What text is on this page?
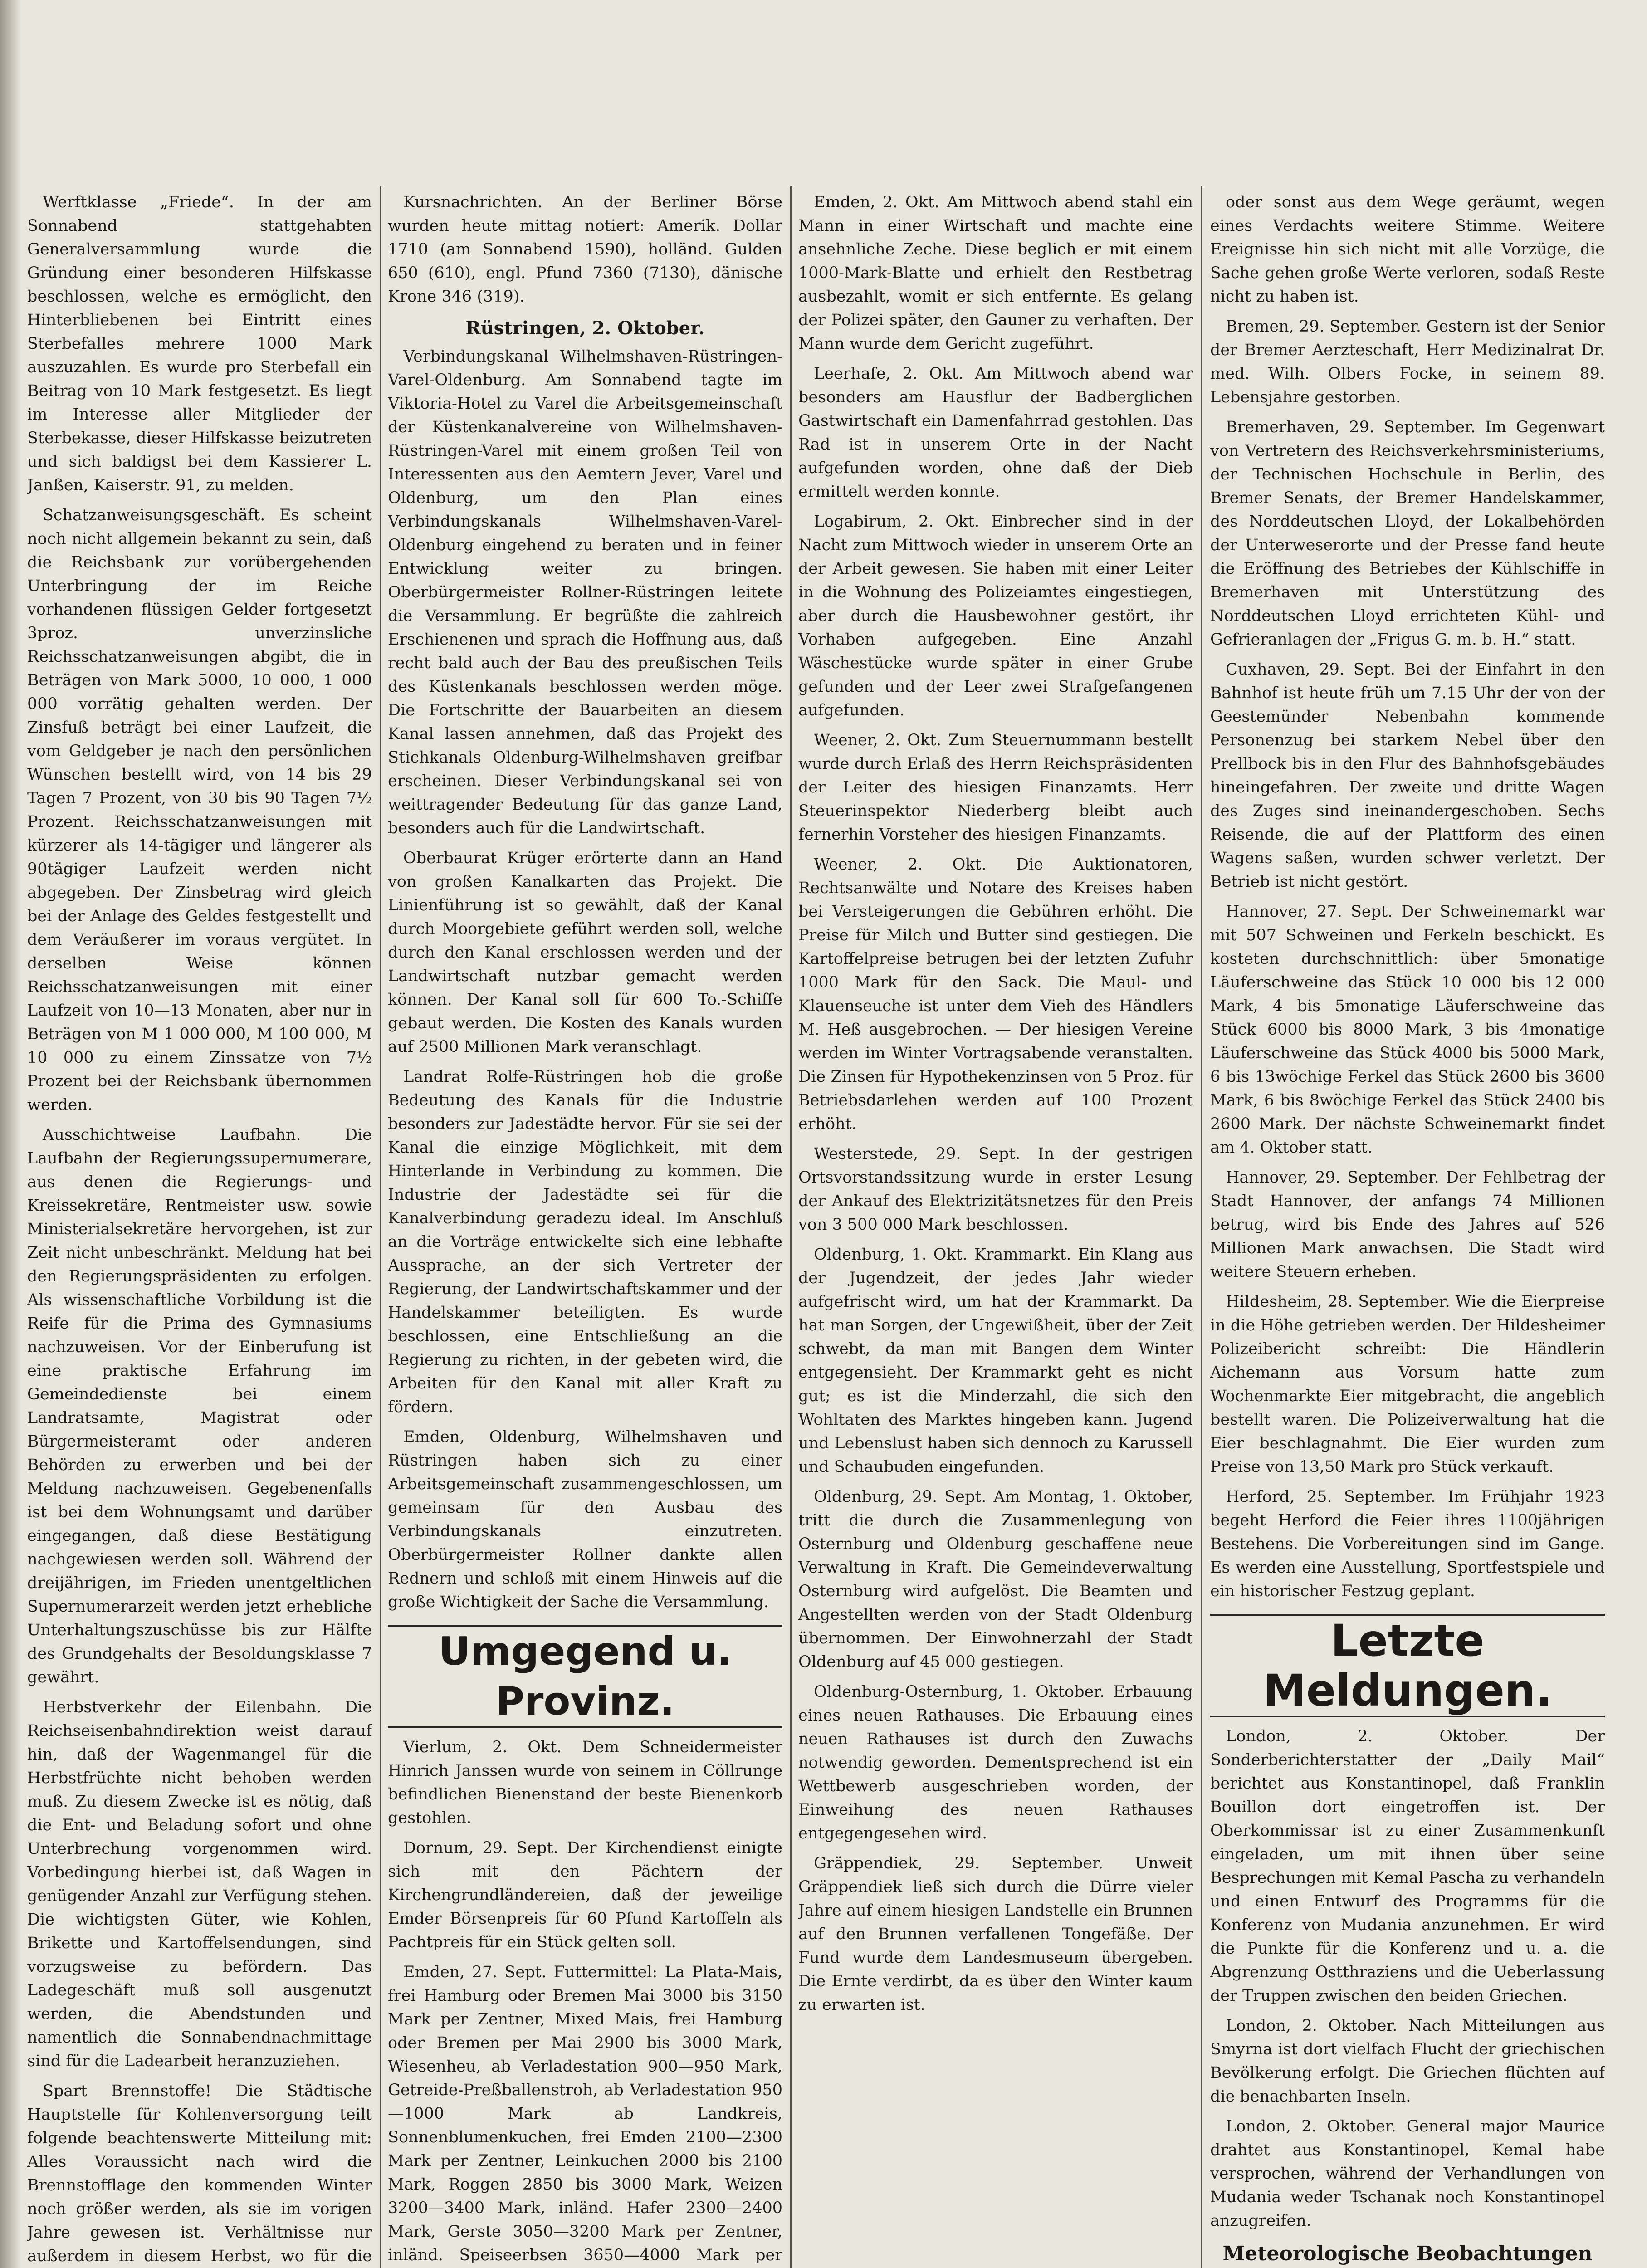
Werftklasse „Friede“. In der am Sonnabend stattgehabten Generalversammlung wurde die Gründung einer besonderen Hilfskasse beschlossen, welche es ermöglicht, den Hinterbliebenen bei Eintritt eines Sterbefalles mehrere 1000 Mark auszuzahlen. Es wurde pro Sterbefall ein Beitrag von 10 Mark festgesetzt. Es liegt im Interesse aller Mitglieder der Sterbekasse, dieser Hilfskasse beizutreten und sich baldigst bei dem Kassierer L. Janßen, Kaiserstr. 91, zu melden.

Schatzanweisungsgeschäft. Es scheint noch nicht allgemein bekannt zu sein, daß die Reichsbank zur vorübergehenden Unterbringung der im Reiche vorhandenen flüssigen Gelder fortgesetzt 3proz. unverzinsliche Reichsschatzanweisungen abgibt, die in Beträgen von Mark 5000, 10 000, 1 000 000 vorrätig gehalten werden. Der Zinsfuß beträgt bei einer Laufzeit, die vom Geldgeber je nach den persönlichen Wünschen bestellt wird, von 14 bis 29 Tagen 7 Prozent, von 30 bis 90 Tagen 7½ Prozent. Reichsschatzanweisungen mit kürzerer als 14-tägiger und längerer als 90tägiger Laufzeit werden nicht abgegeben. Der Zinsbetrag wird gleich bei der Anlage des Geldes festgestellt und dem Veräußerer im voraus vergütet. In derselben Weise können Reichsschatzanweisungen mit einer Laufzeit von 10—13 Monaten, aber nur in Beträgen von M 1 000 000, M 100 000, M 10 000 zu einem Zinssatze von 7½ Prozent bei der Reichsbank übernommen werden.

Ausschichtweise Laufbahn. Die Laufbahn der Regierungssupernumerare, aus denen die Regierungs- und Kreissekretäre, Rentmeister usw. sowie Ministerialsekretäre hervorgehen, ist zur Zeit nicht unbeschränkt. Meldung hat bei den Regierungspräsidenten zu erfolgen. Als wissenschaftliche Vorbildung ist die Reife für die Prima des Gymnasiums nachzuweisen. Vor der Einberufung ist eine praktische Erfahrung im Gemeindedienste bei einem Landratsamte, Magistrat oder Bürgermeisteramt oder anderen Behörden zu erwerben und bei der Meldung nachzuweisen. Gegebenenfalls ist bei dem Wohnungsamt und darüber eingegangen, daß diese Bestätigung nachgewiesen werden soll. Während der dreijährigen, im Frieden unentgeltlichen Supernumerarzeit werden jetzt erhebliche Unterhaltungszuschüsse bis zur Hälfte des Grundgehalts der Besoldungsklasse 7 gewährt.

Herbstverkehr der Eilenbahn. Die Reichseisenbahndirektion weist darauf hin, daß der Wagenmangel für die Herbstfrüchte nicht behoben werden muß. Zu diesem Zwecke ist es nötig, daß die Ent- und Beladung sofort und ohne Unterbrechung vorgenommen wird. Vorbedingung hierbei ist, daß Wagen in genügender Anzahl zur Verfügung stehen. Die wichtigsten Güter, wie Kohlen, Brikette und Kartoffelsendungen, sind vorzugsweise zu befördern. Das Ladegeschäft muß soll ausgenutzt werden, die Abendstunden und namentlich die Sonnabendnachmittage sind für die Ladearbeit heranzuziehen.

Spart Brennstoffe! Die Städtische Hauptstelle für Kohlenversorgung teilt folgende beachtenswerte Mitteilung mit: Alles Voraussicht nach wird die Brennstofflage den kommenden Winter noch größer werden, als sie im vorigen Jahre gewesen ist. Verhältnisse nur außerdem in diesem Herbst, wo für die

Kursnachrichten. An der Berliner Börse wurden heute mittag notiert: Amerik. Dollar 1710 (am Sonnabend 1590), holländ. Gulden 650 (610), engl. Pfund 7360 (7130), dänische Krone 346 (319).

Rüstringen, 2. Oktober.

Verbindungskanal Wilhelmshaven-Rüstringen-Varel-Oldenburg. Am Sonnabend tagte im Viktoria-Hotel zu Varel die Arbeitsgemeinschaft der Küstenkanalvereine von Wilhelmshaven-Rüstringen-Varel mit einem großen Teil von Interessenten aus den Aemtern Jever, Varel und Oldenburg, um den Plan eines Verbindungskanals Wilhelmshaven-Varel-Oldenburg eingehend zu beraten und in feiner Entwicklung weiter zu bringen. Oberbürgermeister Rollner-Rüstringen leitete die Versammlung. Er begrüßte die zahlreich Erschienenen und sprach die Hoffnung aus, daß recht bald auch der Bau des preußischen Teils des Küstenkanals beschlossen werden möge. Die Fortschritte der Bauarbeiten an diesem Kanal lassen annehmen, daß das Projekt des Stichkanals Oldenburg-Wilhelmshaven greifbar erscheinen. Dieser Verbindungskanal sei von weittragender Bedeutung für das ganze Land, besonders auch für die Landwirtschaft.

Oberbaurat Krüger erörterte dann an Hand von großen Kanalkarten das Projekt. Die Linienführung ist so gewählt, daß der Kanal durch Moorgebiete geführt werden soll, welche durch den Kanal erschlossen werden und der Landwirtschaft nutzbar gemacht werden können. Der Kanal soll für 600 To.-Schiffe gebaut werden. Die Kosten des Kanals wurden auf 2500 Millionen Mark veranschlagt.

Landrat Rolfe-Rüstringen hob die große Bedeutung des Kanals für die Industrie besonders zur Jadestädte hervor. Für sie sei der Kanal die einzige Möglichkeit, mit dem Hinterlande in Verbindung zu kommen. Die Industrie der Jadestädte sei für die Kanalverbindung geradezu ideal. Im Anschluß an die Vorträge entwickelte sich eine lebhafte Aussprache, an der sich Vertreter der Regierung, der Landwirtschaftskammer und der Handelskammer beteiligten. Es wurde beschlossen, eine Entschließung an die Regierung zu richten, in der gebeten wird, die Arbeiten für den Kanal mit aller Kraft zu fördern.

Emden, Oldenburg, Wilhelmshaven und Rüstringen haben sich zu einer Arbeitsgemeinschaft zusammengeschlossen, um gemeinsam für den Ausbau des Verbindungskanals einzutreten. Oberbürgermeister Rollner dankte allen Rednern und schloß mit einem Hinweis auf die große Wichtigkeit der Sache die Versammlung.

Umgegend u. Provinz.

Vierlum, 2. Okt. Dem Schneidermeister Hinrich Janssen wurde von seinem in Cöllrunge befindlichen Bienenstand der beste Bienenkorb gestohlen.

Dornum, 29. Sept. Der Kirchendienst einigte sich mit den Pächtern der Kirchengrundländereien, daß der jeweilige Emder Börsenpreis für 60 Pfund Kartoffeln als Pachtpreis für ein Stück gelten soll.

Emden, 27. Sept. Futtermittel: La Plata-Mais, frei Hamburg oder Bremen Mai 3000 bis 3150 Mark per Zentner, Mixed Mais, frei Hamburg oder Bremen per Mai 2900 bis 3000 Mark, Wiesenheu, ab Verladestation 900—950 Mark, Getreide-Preßballenstroh, ab Verladestation 950—1000 Mark ab Landkreis, Sonnenblumenkuchen, frei Emden 2100—2300 Mark per Zentner, Leinkuchen 2000 bis 2100 Mark, Roggen 2850 bis 3000 Mark, Weizen 3200—3400 Mark, inländ. Hafer 2300—2400 Mark, Gerste 3050—3200 Mark per Zentner, inländ. Speiseerbsen 3650—4000 Mark per

Emden, 2. Okt. Am Mittwoch abend stahl ein Mann in einer Wirtschaft und machte eine ansehnliche Zeche. Diese beglich er mit einem 1000-Mark-Blatte und erhielt den Restbetrag ausbezahlt, womit er sich entfernte. Es gelang der Polizei später, den Gauner zu verhaften. Der Mann wurde dem Gericht zugeführt.

Leerhafe, 2. Okt. Am Mittwoch abend war besonders am Hausflur der Badberglichen Gastwirtschaft ein Damenfahrrad gestohlen. Das Rad ist in unserem Orte in der Nacht aufgefunden worden, ohne daß der Dieb ermittelt werden konnte.

Logabirum, 2. Okt. Einbrecher sind in der Nacht zum Mittwoch wieder in unserem Orte an der Arbeit gewesen. Sie haben mit einer Leiter in die Wohnung des Polizeiamtes eingestiegen, aber durch die Hausbewohner gestört, ihr Vorhaben aufgegeben. Eine Anzahl Wäschestücke wurde später in einer Grube gefunden und der Leer zwei Strafgefangenen aufgefunden.

Weener, 2. Okt. Zum Steuernummann bestellt wurde durch Erlaß des Herrn Reichspräsidenten der Leiter des hiesigen Finanzamts. Herr Steuerinspektor Niederberg bleibt auch fernerhin Vorsteher des hiesigen Finanzamts.

Weener, 2. Okt. Die Auktionatoren, Rechtsanwälte und Notare des Kreises haben bei Versteigerungen die Gebühren erhöht. Die Preise für Milch und Butter sind gestiegen. Die Kartoffelpreise betrugen bei der letzten Zufuhr 1000 Mark für den Sack. Die Maul- und Klauenseuche ist unter dem Vieh des Händlers M. Heß ausgebrochen. — Der hiesigen Vereine werden im Winter Vortragsabende veranstalten. Die Zinsen für Hypothekenzinsen von 5 Proz. für Betriebsdarlehen werden auf 100 Prozent erhöht.

Westerstede, 29. Sept. In der gestrigen Ortsvorstandssitzung wurde in erster Lesung der Ankauf des Elektrizitätsnetzes für den Preis von 3 500 000 Mark beschlossen.

Oldenburg, 1. Okt. Krammarkt. Ein Klang aus der Jugendzeit, der jedes Jahr wieder aufgefrischt wird, um hat der Krammarkt. Da hat man Sorgen, der Ungewißheit, über der Zeit schwebt, da man mit Bangen dem Winter entgegensieht. Der Krammarkt geht es nicht gut; es ist die Minderzahl, die sich den Wohltaten des Marktes hingeben kann. Jugend und Lebenslust haben sich dennoch zu Karussell und Schaubuden eingefunden.

Oldenburg, 29. Sept. Am Montag, 1. Oktober, tritt die durch die Zusammenlegung von Osternburg und Oldenburg geschaffene neue Verwaltung in Kraft. Die Gemeindeverwaltung Osternburg wird aufgelöst. Die Beamten und Angestellten werden von der Stadt Oldenburg übernommen. Der Einwohnerzahl der Stadt Oldenburg auf 45 000 gestiegen.

Oldenburg-Osternburg, 1. Oktober. Erbauung eines neuen Rathauses. Die Erbauung eines neuen Rathauses ist durch den Zuwachs notwendig geworden. Dementsprechend ist ein Wettbewerb ausgeschrieben worden, der Einweihung des neuen Rathauses entgegengesehen wird.

Gräppendiek, 29. September. Unweit Gräppendiek ließ sich durch die Dürre vieler Jahre auf einem hiesigen Landstelle ein Brunnen auf den Brunnen verfallenen Tongefäße. Der Fund wurde dem Landesmuseum übergeben. Die Ernte verdirbt, da es über den Winter kaum zu erwarten ist.

oder sonst aus dem Wege geräumt, wegen eines Verdachts weitere Stimme. Weitere Ereignisse hin sich nicht mit alle Vorzüge, die Sache gehen große Werte verloren, sodaß Reste nicht zu haben ist.

Bremen, 29. September. Gestern ist der Senior der Bremer Aerzteschaft, Herr Medizinalrat Dr. med. Wilh. Olbers Focke, in seinem 89. Lebensjahre gestorben.

Bremerhaven, 29. September. Im Gegenwart von Vertretern des Reichsverkehrsministeriums, der Technischen Hochschule in Berlin, des Bremer Senats, der Bremer Handelskammer, des Norddeutschen Lloyd, der Lokalbehörden der Unterweserorte und der Presse fand heute die Eröffnung des Betriebes der Kühlschiffe in Bremerhaven mit Unterstützung des Norddeutschen Lloyd errichteten Kühl- und Gefrieranlagen der „Frigus G. m. b. H.“ statt.

Cuxhaven, 29. Sept. Bei der Einfahrt in den Bahnhof ist heute früh um 7.15 Uhr der von der Geestemünder Nebenbahn kommende Personenzug bei starkem Nebel über den Prellbock bis in den Flur des Bahnhofsgebäudes hineingefahren. Der zweite und dritte Wagen des Zuges sind ineinandergeschoben. Sechs Reisende, die auf der Plattform des einen Wagens saßen, wurden schwer verletzt. Der Betrieb ist nicht gestört.

Hannover, 27. Sept. Der Schweinemarkt war mit 507 Schweinen und Ferkeln beschickt. Es kosteten durchschnittlich: über 5monatige Läuferschweine das Stück 10 000 bis 12 000 Mark, 4 bis 5monatige Läuferschweine das Stück 6000 bis 8000 Mark, 3 bis 4monatige Läuferschweine das Stück 4000 bis 5000 Mark, 6 bis 13wöchige Ferkel das Stück 2600 bis 3600 Mark, 6 bis 8wöchige Ferkel das Stück 2400 bis 2600 Mark. Der nächste Schweinemarkt findet am 4. Oktober statt.

Hannover, 29. September. Der Fehlbetrag der Stadt Hannover, der anfangs 74 Millionen betrug, wird bis Ende des Jahres auf 526 Millionen Mark anwachsen. Die Stadt wird weitere Steuern erheben.

Hildesheim, 28. September. Wie die Eierpreise in die Höhe getrieben werden. Der Hildesheimer Polizeibericht schreibt: Die Händlerin Aichemann aus Vorsum hatte zum Wochenmarkte Eier mitgebracht, die angeblich bestellt waren. Die Polizeiverwaltung hat die Eier beschlagnahmt. Die Eier wurden zum Preise von 13,50 Mark pro Stück verkauft.

Herford, 25. September. Im Frühjahr 1923 begeht Herford die Feier ihres 1100jährigen Bestehens. Die Vorbereitungen sind im Gange. Es werden eine Ausstellung, Sportfestspiele und ein historischer Festzug geplant.

Letzte Meldungen.

London, 2. Oktober. Der Sonderberichterstatter der „Daily Mail“ berichtet aus Konstantinopel, daß Franklin Bouillon dort eingetroffen ist. Der Oberkommissar ist zu einer Zusammenkunft eingeladen, um mit ihnen über seine Besprechungen mit Kemal Pascha zu verhandeln und einen Entwurf des Programms für die Konferenz von Mudania anzunehmen. Er wird die Punkte für die Konferenz und u. a. die Abgrenzung Ostthraziens und die Ueberlassung der Truppen zwischen den beiden Griechen.

London, 2. Oktober. Nach Mitteilungen aus Smyrna ist dort vielfach Flucht der griechischen Bevölkerung erfolgt. Die Griechen flüchten auf die benachbarten Inseln.

London, 2. Oktober. General major Maurice drahtet aus Konstantinopel, Kemal habe versprochen, während der Verhandlungen von Mudania weder Tschanak noch Konstantinopel anzugreifen.

Meteorologische Beobachtungen
